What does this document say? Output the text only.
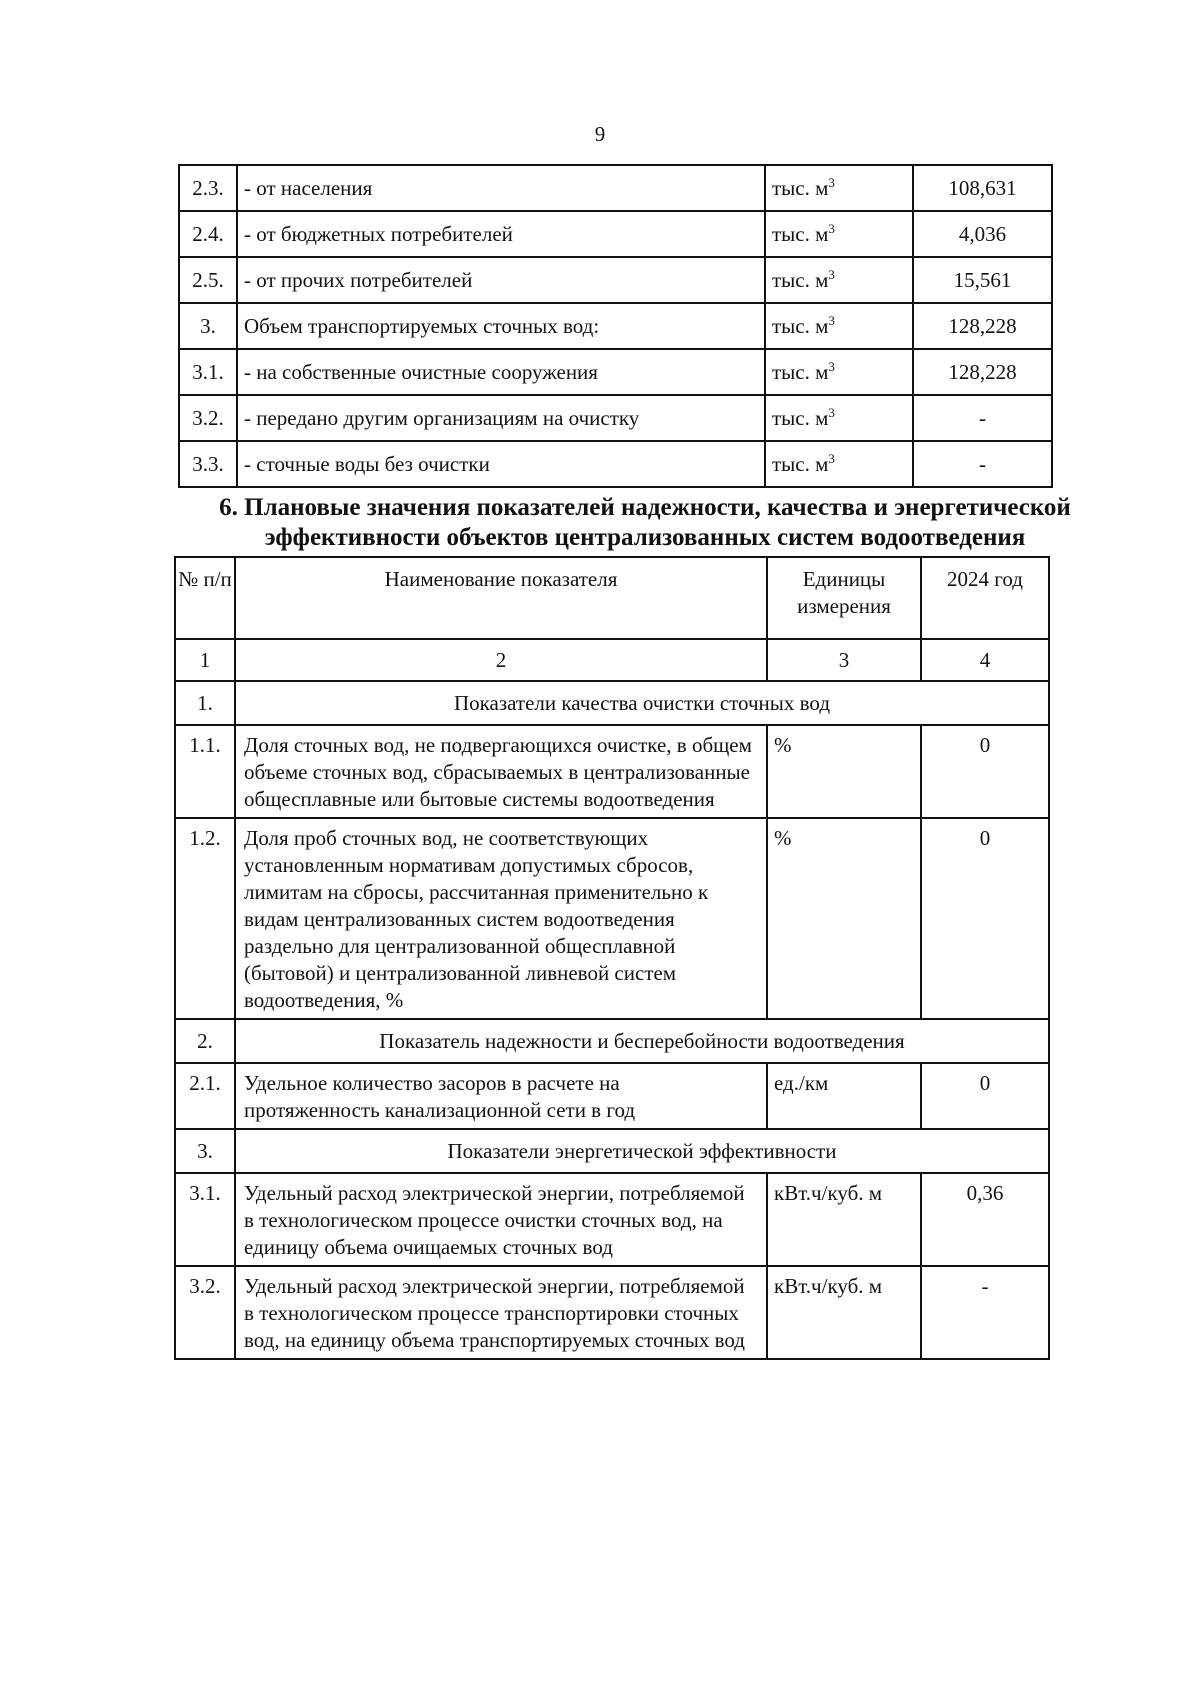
9
2.3.	- от населения	тыс. $м^3$	108,631
2.4.	- от бюджетных потребителей	тыс. $м^3$	4,036
2.5.	- от прочих потребителей	тыс. $м^3$	15,561
3.	Объем транспортируемых сточных вод:	тыс. $м^3$	128,228
3.1.	- на собственные очистные сооружения	тыс. $м^3$	128,228
3.2.	- передано другим организациям на очистку	тыс. $м^3$	-
3.3.	- сточные воды без очистки	тыс. $м^3$	-
6. Плановые значения показателей надежности, качества и энергетической эффективности объектов централизованных систем водоотведения
№ п/п	Наименование показателя	Единицы измерения	2024 год
1	2	3	4
1.	Показатели качества очистки сточных вод		
1.1.	Доля сточных вод, не подвергающихся очистке, в общем объеме сточных вод, сбрасываемых в централизованные общесплавные или бытовые системы водоотведения	%	0
1.2.	Доля проб сточных вод, не соответствующих установленным нормативам допустимых сбросов, лимитам на сбросы, рассчитанная применительно к видам централизованных систем водоотведения раздельно для централизованной общесплавной (бытовой) и централизованной ливневой систем водоотведения, %	%	0
2.	Показатель надежности и бесперебойности водоотведения		
2.1.	Удельное количество засоров в расчете на протяженность канализационной сети в год	ед./км	0
3.	Показатели энергетической эффективности		
3.1.	Удельный расход электрической энергии, потребляемой в технологическом процессе очистки сточных вод, на единицу объема очищаемых сточных вод	кВт.ч/куб. м	0,36
3.2.	Удельный расход электрической энергии, потребляемой в технологическом процессе транспортировки сточных вод, на единицу объема транспортируемых сточных вод	кВт.ч/куб. м	-
